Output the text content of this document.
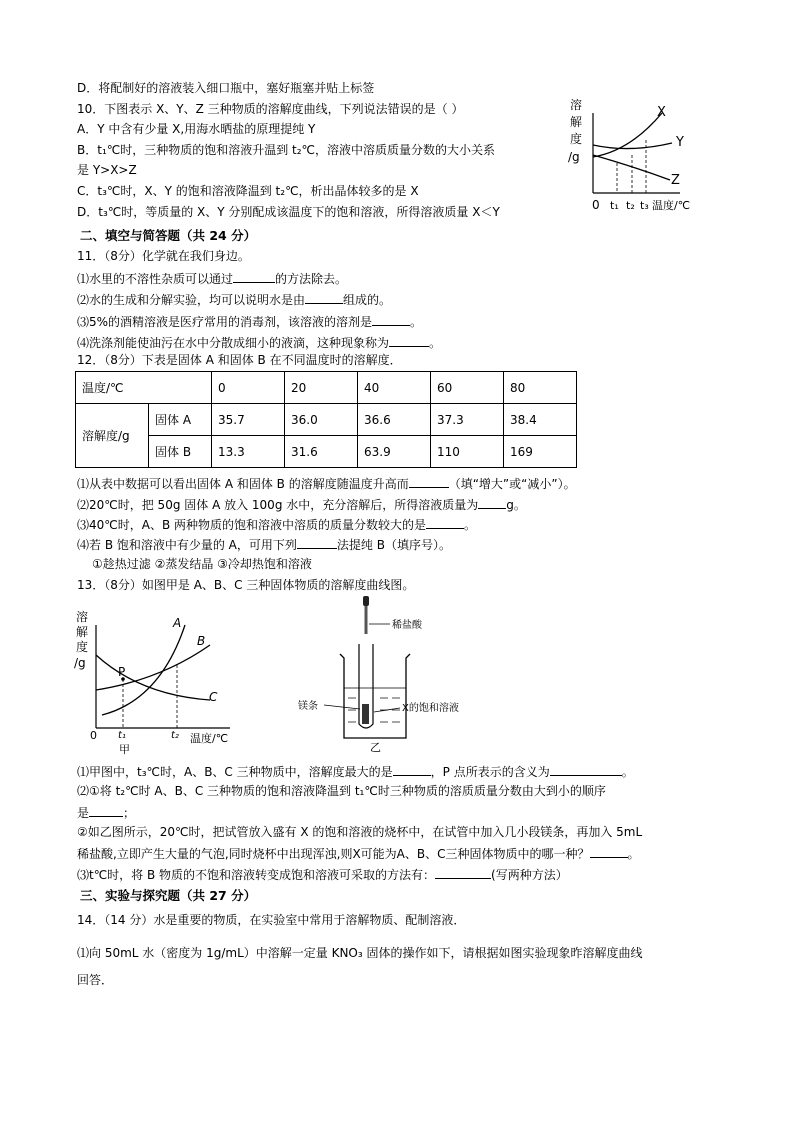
D．将配制好的溶液装入细口瓶中，塞好瓶塞并贴上标签
10．下图表示 X、Y、Z 三种物质的溶解度曲线，下列说法错误的是（ ）
A．Y 中含有少量 X,用海水晒盐的原理提纯 Y
B．t₁℃时，三种物质的饱和溶液升温到 t₂℃，溶液中溶质质量分数的大小关系
是 Y>X>Z
C．t₃℃时，X、Y 的饱和溶液降温到 t₂℃，析出晶体较多的是 X
D．t₃℃时，等质量的 X、Y 分别配成该温度下的饱和溶液，所得溶液质量 X＜Y
二、填空与简答题（共 24 分）
11．（8分）化学就在我们身边。
⑴水里的不溶性杂质可以通过	的方法除去。
⑵水的生成和分解实验，均可以说明水是由	组成的。
⑶5%的酒精溶液是医疗常用的消毒剂，该溶液的溶剂是	。
⑷洗涤剂能使油污在水中分散成细小的液滴，这种现象称为	。
12．（8分）下表是固体 A 和固体 B 在不同温度时的溶解度．
温度/℃		0	20	40	60	80
溶解度/g	固体 A	35.7	36.0	36.6	37.3	38.4
	固体 B	13.3	31.6	63.9	110	169
⑴从表中数据可以看出固体 A 和固体 B 的溶解度随温度升高而	（填“增大”或“减小”）。
⑵20℃时，把 50g 固体 A 放入 100g 水中，充分溶解后，所得溶液质量为 g。
⑶40℃时，A、B 两种物质的饱和溶液中溶质的质量分数较大的是	。
⑷若 B 饱和溶液中有少量的 A，可用下列	法提纯 B（填序号）。
①趁热过滤 ②蒸发结晶 ③冷却热饱和溶液
13．（8分）如图甲是 A、B、C 三种固体物质的溶解度曲线图。
⑴甲图中，t₃℃时，A、B、C 三种物质中，溶解度最大的是	，P 点所表示的含义为	。
⑵①将 t₂℃时 A、B、C 三种物质的饱和溶液降温到 t₁℃时三种物质的溶质质量分数由大到小的顺序
是	；
②如乙图所示，20℃时，把试管放入盛有 X 的饱和溶液的烧杯中，在试管中加入几小段镁条，再加入 5mL
稀盐酸,立即产生大量的气泡,同时烧杯中出现浑浊,则X可能为A、B、C三种固体物质中的哪一种？	。
⑶t℃时，将 B 物质的不饱和溶液转变成饱和溶液可采取的方法有：	(写两种方法）
三、实验与探究题（共 27 分）
14．（14 分）水是重要的物质，在实验室中常用于溶解物质、配制溶液．
⑴向 50mL 水（密度为 1g/mL）中溶解一定量 KNO₃ 固体的操作如下，请根据如图实验现象昨溶解度曲线
回答．
溶
解
度
/g
X
Y
Z
0 t₁ t₂ t₃ 温度/℃
溶
解
度
/g
P
A
B
C
0 t₁	t₂ 温度/℃
甲
稀盐酸
镁条	X的饱和溶液
乙
